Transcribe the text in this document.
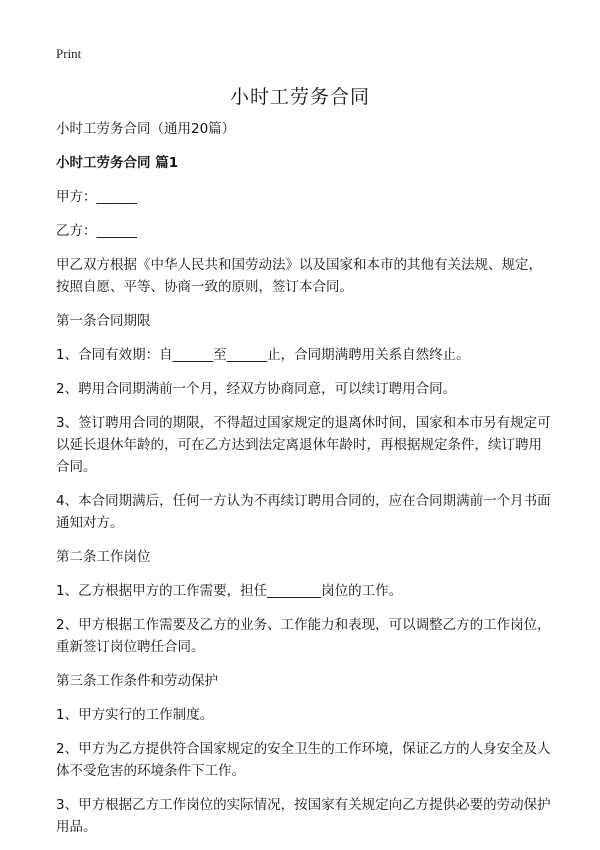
Print
小时工劳务合同

小时工劳务合同（通用20篇）

小时工劳务合同 篇1

甲方：______

乙方：______

甲乙双方根据《中华人民共和国劳动法》以及国家和本市的其他有关法规、规定，按照自愿、平等、协商一致的原则，签订本合同。

第一条合同期限

1、合同有效期：自______至______止，合同期满聘用关系自然终止。

2、聘用合同期满前一个月，经双方协商同意，可以续订聘用合同。

3、签订聘用合同的期限，不得超过国家规定的退离休时间，国家和本市另有规定可以延长退休年龄的，可在乙方达到法定离退休年龄时，再根据规定条件，续订聘用合同。

4、本合同期满后，任何一方认为不再续订聘用合同的，应在合同期满前一个月书面通知对方。

第二条工作岗位

1、乙方根据甲方的工作需要，担任________岗位的工作。

2、甲方根据工作需要及乙方的业务、工作能力和表现，可以调整乙方的工作岗位，重新签订岗位聘任合同。

第三条工作条件和劳动保护

1、甲方实行的工作制度。

2、甲方为乙方提供符合国家规定的安全卫生的工作环境，保证乙方的人身安全及人体不受危害的环境条件下工作。

3、甲方根据乙方工作岗位的实际情况，按国家有关规定向乙方提供必要的劳动保护用品。
